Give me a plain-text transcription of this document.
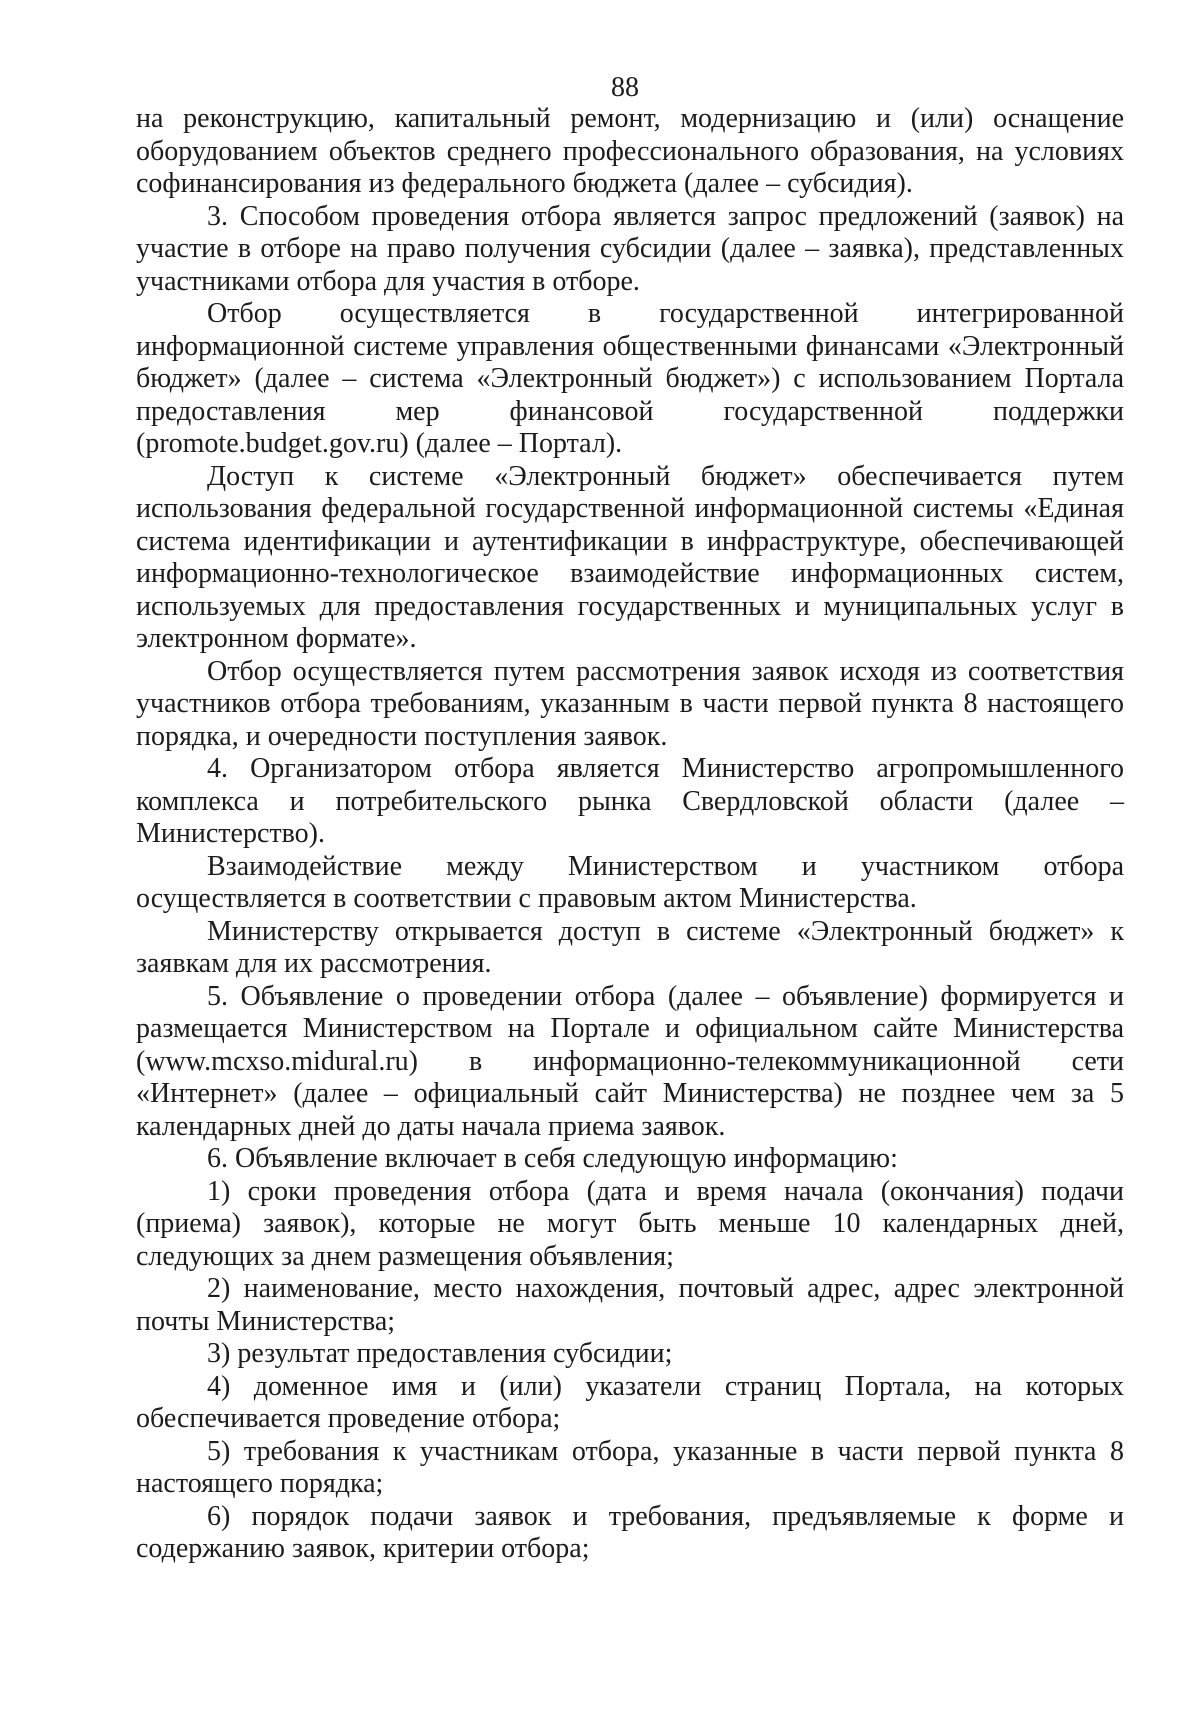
88

на реконструкцию, капитальный ремонт, модернизацию и (или) оснащение оборудованием объектов среднего профессионального образования, на условиях софинансирования из федерального бюджета (далее – субсидия).

3. Способом проведения отбора является запрос предложений (заявок) на участие в отборе на право получения субсидии (далее – заявка), представленных участниками отбора для участия в отборе.

Отбор осуществляется в государственной интегрированной информационной системе управления общественными финансами «Электронный бюджет» (далее – система «Электронный бюджет») с использованием Портала предоставления мер финансовой государственной поддержки (promote.budget.gov.ru) (далее – Портал).

Доступ к системе «Электронный бюджет» обеспечивается путем использования федеральной государственной информационной системы «Единая система идентификации и аутентификации в инфраструктуре, обеспечивающей информационно-технологическое взаимодействие информационных систем, используемых для предоставления государственных и муниципальных услуг в электронном формате».

Отбор осуществляется путем рассмотрения заявок исходя из соответствия участников отбора требованиям, указанным в части первой пункта 8 настоящего порядка, и очередности поступления заявок.

4. Организатором отбора является Министерство агропромышленного комплекса и потребительского рынка Свердловской области (далее – Министерство).

Взаимодействие между Министерством и участником отбора осуществляется в соответствии с правовым актом Министерства.

Министерству открывается доступ в системе «Электронный бюджет» к заявкам для их рассмотрения.

5. Объявление о проведении отбора (далее – объявление) формируется и размещается Министерством на Портале и официальном сайте Министерства (www.mcxso.midural.ru) в информационно-телекоммуникационной сети «Интернет» (далее – официальный сайт Министерства) не позднее чем за 5 календарных дней до даты начала приема заявок.

6. Объявление включает в себя следующую информацию:

1) сроки проведения отбора (дата и время начала (окончания) подачи (приема) заявок), которые не могут быть меньше 10 календарных дней, следующих за днем размещения объявления;

2) наименование, место нахождения, почтовый адрес, адрес электронной почты Министерства;

3) результат предоставления субсидии;

4) доменное имя и (или) указатели страниц Портала, на которых обеспечивается проведение отбора;

5) требования к участникам отбора, указанные в части первой пункта 8 настоящего порядка;

6) порядок подачи заявок и требования, предъявляемые к форме и содержанию заявок, критерии отбора;
